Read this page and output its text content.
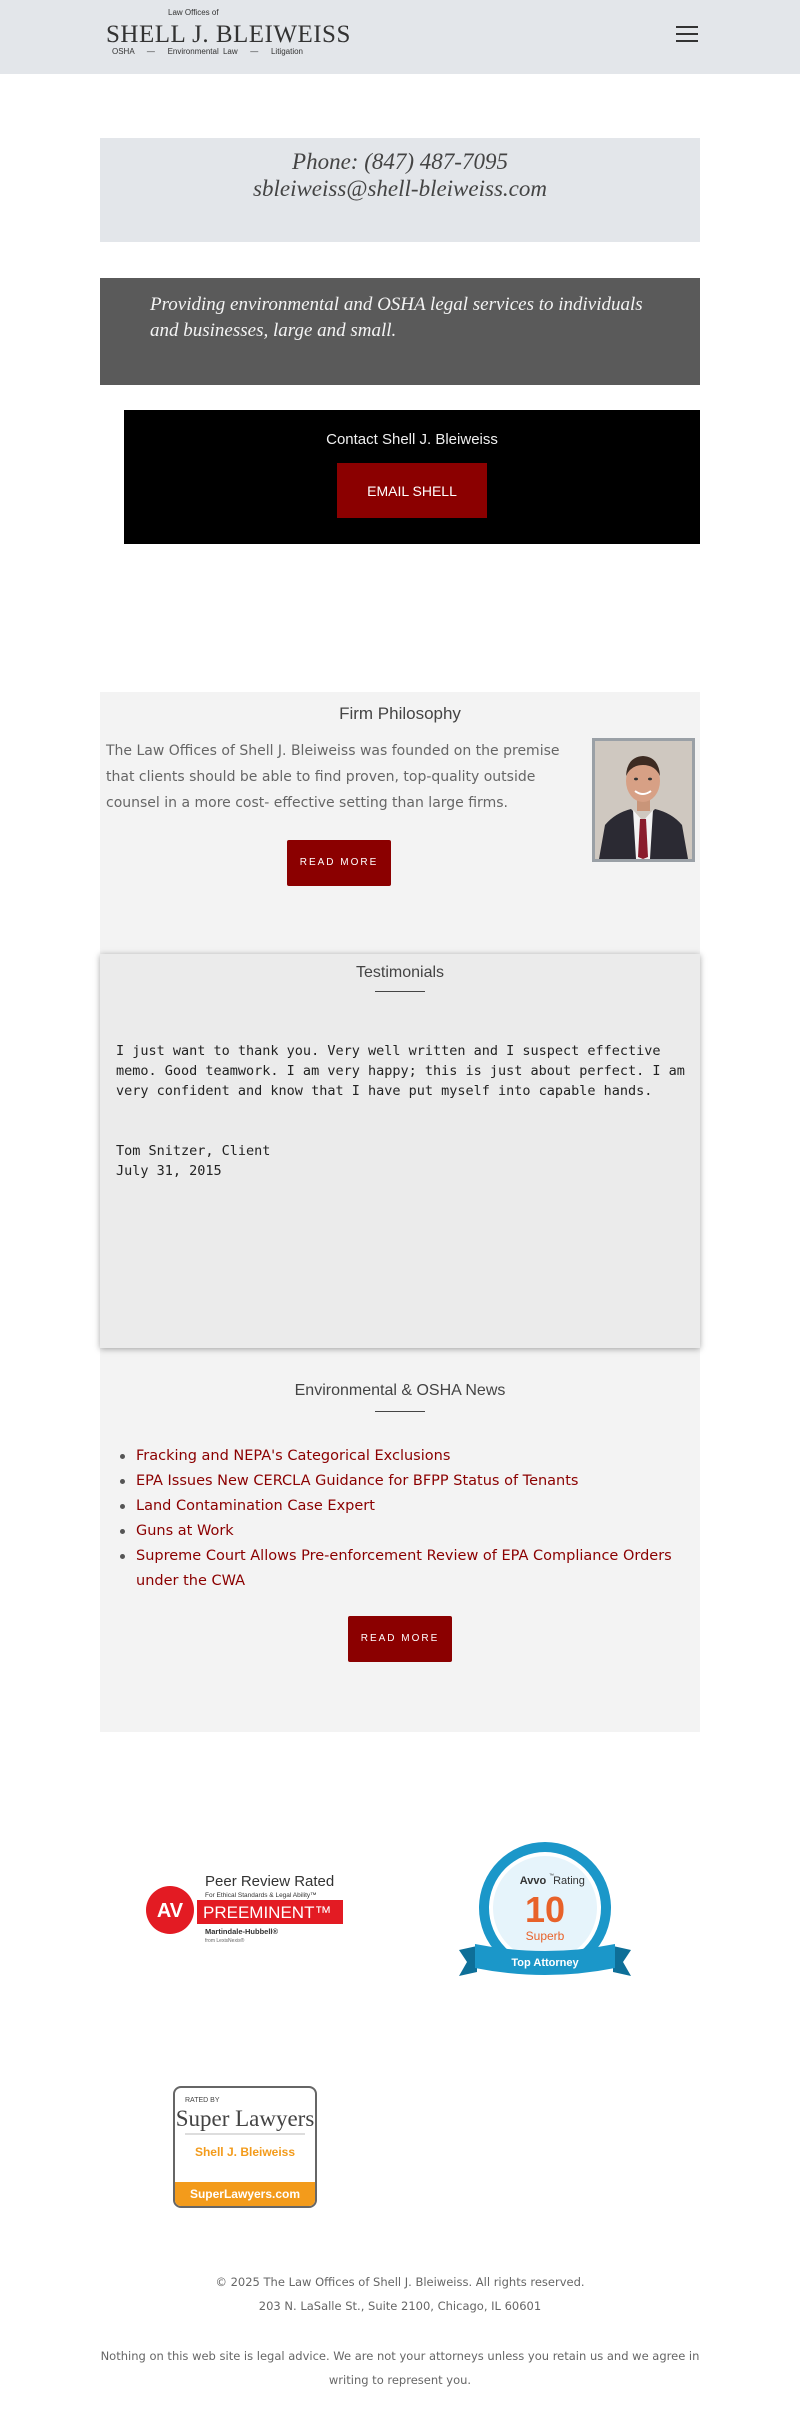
Law Offices of
SHELL J. BLEIWEISS
OSHA — Environmental Law — Litigation
Phone: (847) 487-7095
sbleiweiss@shell-bleiweiss.com

Providing environmental and OSHA legal services to individuals and businesses, large and small.

Contact Shell J. Bleiweiss
EMAIL SHELL
Firm Philosophy

The Law Offices of Shell J. Bleiweiss was founded on the premise that clients should be able to find proven, top-quality outside counsel in a more cost- effective setting than large firms.

READ MORE
Environmental & OSHA News
Fracking and NEPA's Categorical Exclusions
EPA Issues New CERCLA Guidance for BFPP Status of Tenants
Land Contamination Case Expert
Guns at Work
Supreme Court Allows Pre-enforcement Review of EPA Compliance Orders under the CWA
READ MORE
Testimonials

I just want to thank you. Very well written and I suspect effective memo. Good teamwork. I am very happy; this is just about perfect. I am very confident and know that I have put myself into capable hands.

Tom Snitzer, Client
July 31, 2015
AV
Peer Review Rated
For Ethical Standards & Legal Ability™
PREEMINENT™
Martindale-Hubbell®
from LexisNexis®
Avvo ™ Rating
10
Superb
Top Attorney
RATED BY
Super Lawyers
Shell J. Bleiweiss
SuperLawyers.com
© 2025 The Law Offices of Shell J. Bleiweiss. All rights reserved.
203 N. LaSalle St., Suite 2100, Chicago, IL 60601
Nothing on this web site is legal advice. We are not your attorneys unless you retain us and we agree in writing to represent you.
